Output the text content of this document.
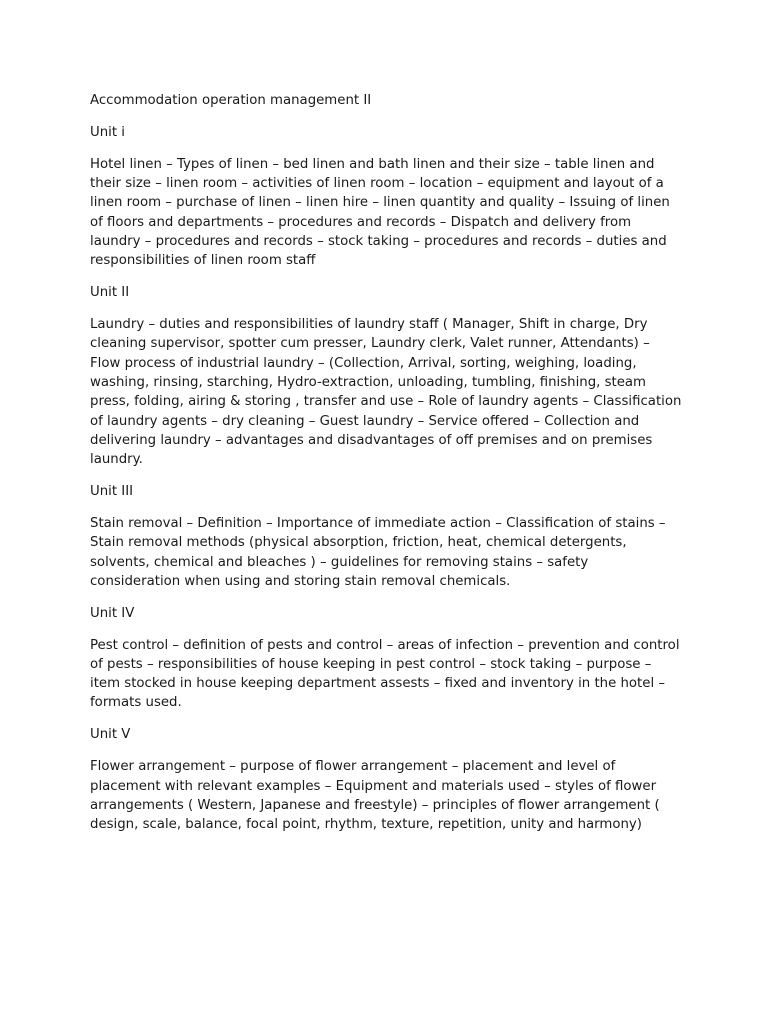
Accommodation operation management II

Unit i

Hotel linen – Types of linen – bed linen and bath linen and their size – table linen and their size – linen room – activities of linen room – location – equipment and layout of a linen room – purchase of linen – linen hire – linen quantity and quality – Issuing of linen of floors and departments – procedures and records – Dispatch and delivery from laundry – procedures and records – stock taking – procedures and records – duties and responsibilities of linen room staff

Unit II

Laundry – duties and responsibilities of laundry staff ( Manager, Shift in charge, Dry cleaning supervisor, spotter cum presser, Laundry clerk, Valet runner, Attendants) – Flow process of industrial laundry – (Collection, Arrival, sorting, weighing, loading, washing, rinsing, starching, Hydro-extraction, unloading, tumbling, finishing, steam press, folding, airing & storing , transfer and use – Role of laundry agents – Classification of laundry agents – dry cleaning – Guest laundry – Service offered – Collection and delivering laundry – advantages and disadvantages of off premises and on premises laundry.

Unit III

Stain removal – Definition – Importance of immediate action – Classification of stains – Stain removal methods (physical absorption, friction, heat, chemical detergents, solvents, chemical and bleaches ) – guidelines for removing stains – safety consideration when using and storing stain removal chemicals.

Unit IV

Pest control – definition of pests and control – areas of infection – prevention and control of pests – responsibilities of house keeping in pest control – stock taking – purpose – item stocked in house keeping department assests – fixed and inventory in the hotel – formats used.

Unit V

Flower arrangement – purpose of flower arrangement – placement and level of placement with relevant examples – Equipment and materials used – styles of flower arrangements ( Western, Japanese and freestyle) – principles of flower arrangement ( design, scale, balance, focal point, rhythm, texture, repetition, unity and harmony)
